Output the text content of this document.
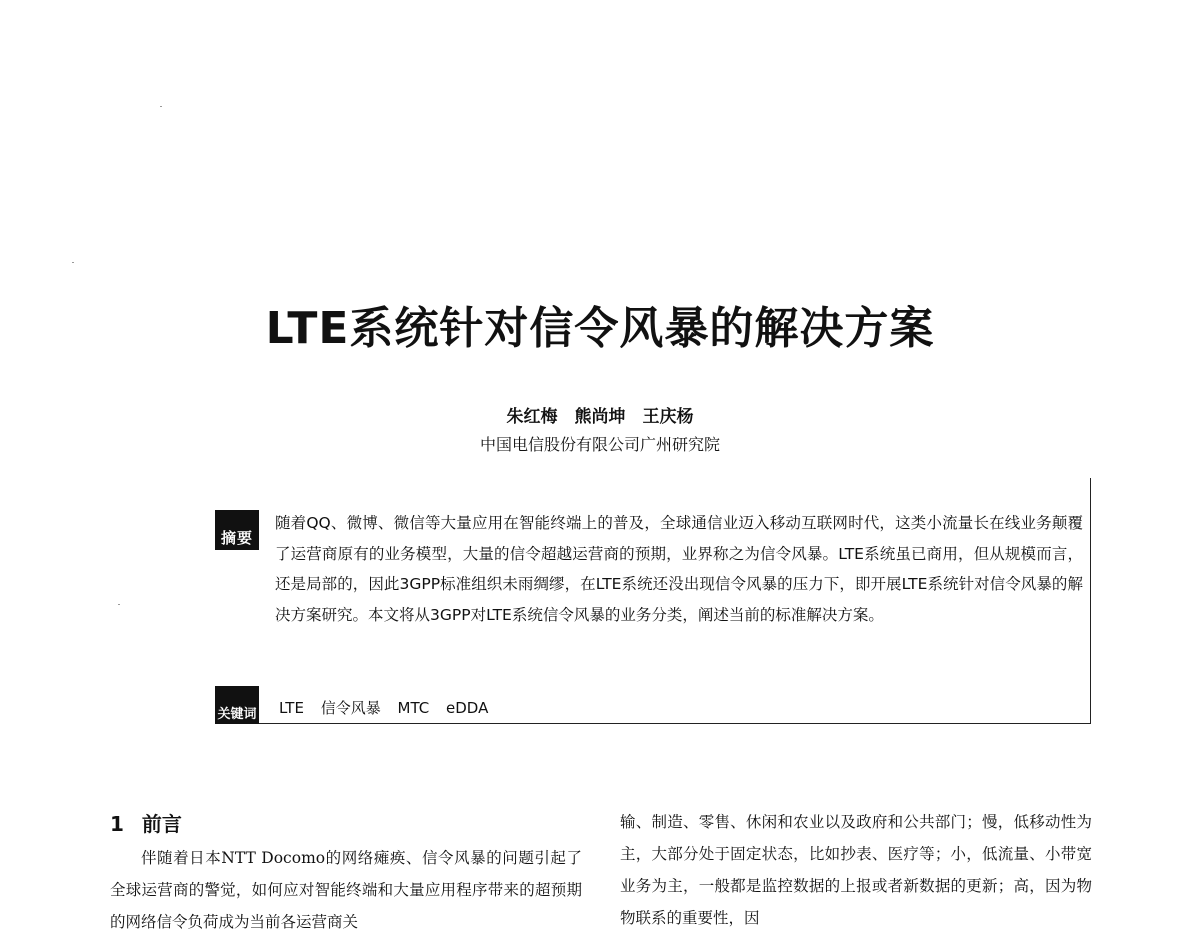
LTE系统针对信令风暴的解决方案
朱红梅　熊尚坤　王庆杨
中国电信股份有限公司广州研究院
摘要
随着QQ、微博、微信等大量应用在智能终端上的普及，全球通信业迈入移动互联网时代，这类小流量长在线业务颠覆了运营商原有的业务模型，大量的信令超越运营商的预期，业界称之为信令风暴。LTE系统虽已商用，但从规模而言，还是局部的，因此3GPP标准组织未雨绸缪，在LTE系统还没出现信令风暴的压力下，即开展LTE系统针对信令风暴的解决方案研究。本文将从3GPP对LTE系统信令风暴的业务分类，阐述当前的标准解决方案。
关键词 LTE 信令风暴 MTC eDDA
1 前言
伴随着日本NTT Docomo的网络瘫痪、信令风暴的问题引起了全球运营商的警觉，如何应对智能终端和大量应用程序带来的超预期的网络信令负荷成为当前各运营商关
输、制造、零售、休闲和农业以及政府和公共部门；慢，低移动性为主，大部分处于固定状态，比如抄表、医疗等；小，低流量、小带宽业务为主，一般都是监控数据的上报或者新数据的更新；高，因为物物联系的重要性，因
